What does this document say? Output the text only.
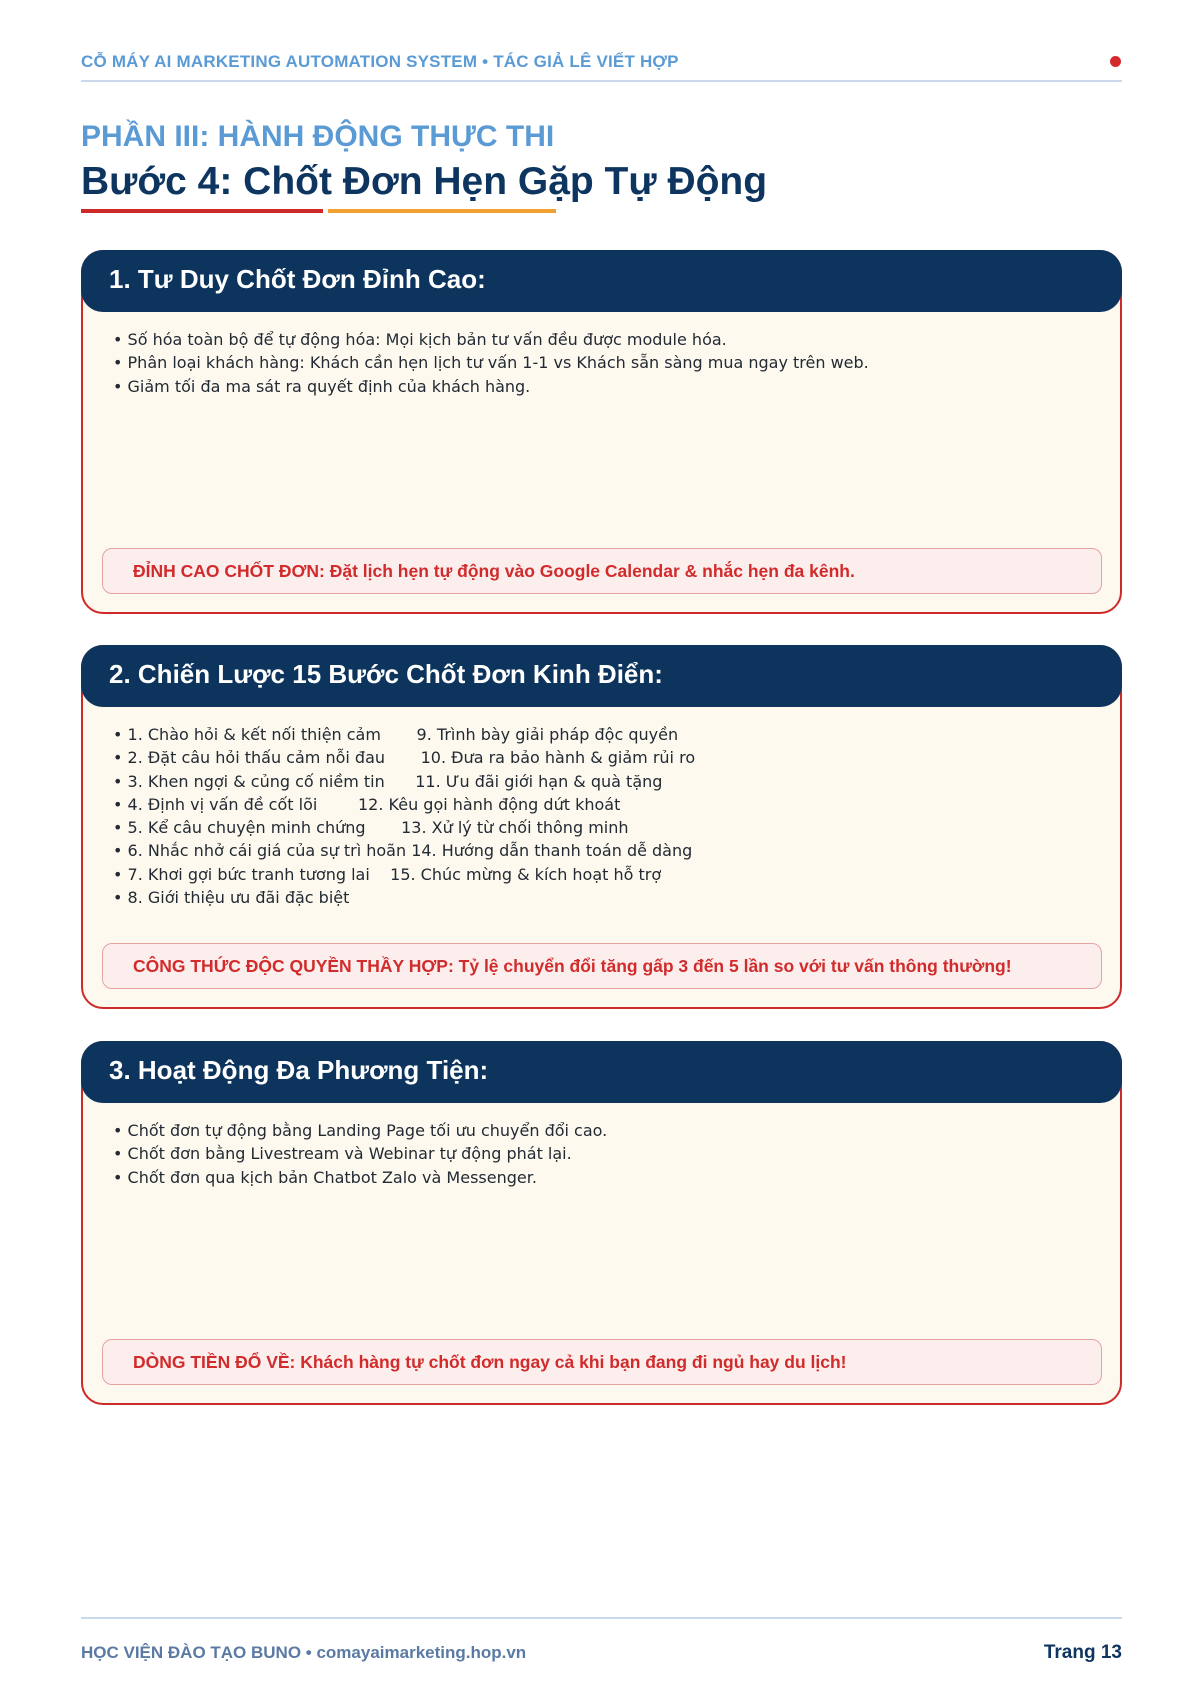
CỖ MÁY AI MARKETING AUTOMATION SYSTEM • TÁC GIẢ LÊ VIẾT HỢP
PHẦN III: HÀNH ĐỘNG THỰC THI
Bước 4: Chốt Đơn Hẹn Gặp Tự Động
1. Tư Duy Chốt Đơn Đỉnh Cao:
• Số hóa toàn bộ để tự động hóa: Mọi kịch bản tư vấn đều được module hóa.
• Phân loại khách hàng: Khách cần hẹn lịch tư vấn 1-1 vs Khách sẵn sàng mua ngay trên web.
• Giảm tối đa ma sát ra quyết định của khách hàng.
ĐỈNH CAO CHỐT ĐƠN: Đặt lịch hẹn tự động vào Google Calendar & nhắc hẹn đa kênh.
2. Chiến Lược 15 Bước Chốt Đơn Kinh Điển:
• 1. Chào hỏi & kết nối thiện cảm       9. Trình bày giải pháp độc quyền
• 2. Đặt câu hỏi thấu cảm nỗi đau       10. Đưa ra bảo hành & giảm rủi ro
• 3. Khen ngợi & củng cố niềm tin      11. Ưu đãi giới hạn & quà tặng
• 4. Định vị vấn đề cốt lõi        12. Kêu gọi hành động dứt khoát
• 5. Kể câu chuyện minh chứng       13. Xử lý từ chối thông minh
• 6. Nhắc nhở cái giá của sự trì hoãn 14. Hướng dẫn thanh toán dễ dàng
• 7. Khơi gợi bức tranh tương lai    15. Chúc mừng & kích hoạt hỗ trợ
• 8. Giới thiệu ưu đãi đặc biệt
CÔNG THỨC ĐỘC QUYỀN THẦY HỢP: Tỷ lệ chuyển đổi tăng gấp 3 đến 5 lần so với tư vấn thông thường!
3. Hoạt Động Đa Phương Tiện:
• Chốt đơn tự động bằng Landing Page tối ưu chuyển đổi cao.
• Chốt đơn bằng Livestream và Webinar tự động phát lại.
• Chốt đơn qua kịch bản Chatbot Zalo và Messenger.
DÒNG TIỀN ĐỔ VỀ: Khách hàng tự chốt đơn ngay cả khi bạn đang đi ngủ hay du lịch!
HỌC VIỆN ĐÀO TẠO BUNO • comayaimarketing.hop.vn	Trang 13
